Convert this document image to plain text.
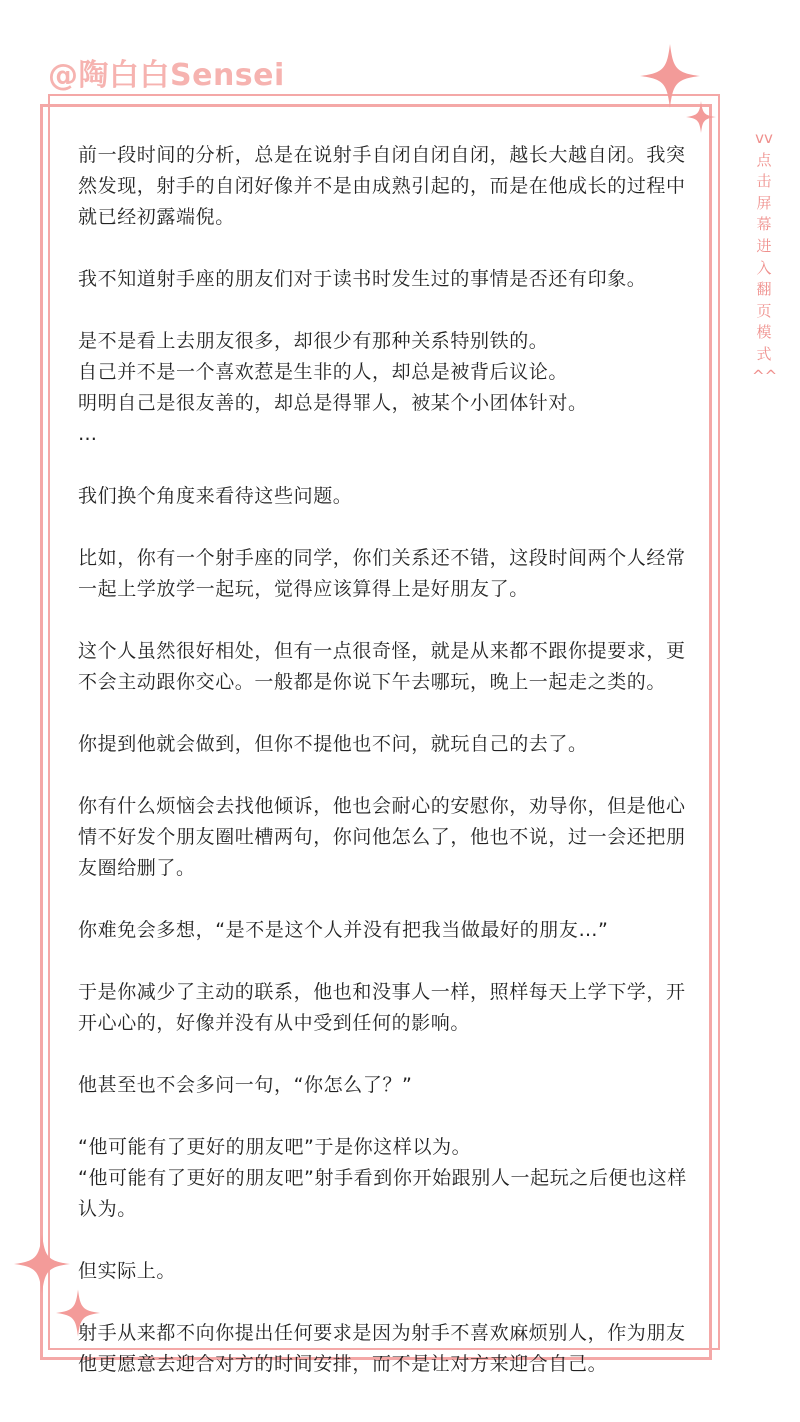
@陶白白Sensei
vv
点
击
屏
幕
进
入
翻
页
模
式
^^

前一段时间的分析，总是在说射手自闭自闭自闭，越长大越自闭。我突然发现，射手的自闭好像并不是由成熟引起的，而是在他成长的过程中就已经初露端倪。

我不知道射手座的朋友们对于读书时发生过的事情是否还有印象。

是不是看上去朋友很多，却很少有那种关系特别铁的。
自己并不是一个喜欢惹是生非的人，却总是被背后议论。
明明自己是很友善的，却总是得罪人，被某个小团体针对。
…

我们换个角度来看待这些问题。

比如，你有一个射手座的同学，你们关系还不错，这段时间两个人经常一起上学放学一起玩，觉得应该算得上是好朋友了。

这个人虽然很好相处，但有一点很奇怪，就是从来都不跟你提要求，更不会主动跟你交心。一般都是你说下午去哪玩，晚上一起走之类的。

你提到他就会做到，但你不提他也不问，就玩自己的去了。

你有什么烦恼会去找他倾诉，他也会耐心的安慰你，劝导你，但是他心情不好发个朋友圈吐槽两句，你问他怎么了，他也不说，过一会还把朋友圈给删了。

你难免会多想，“是不是这个人并没有把我当做最好的朋友…”

于是你减少了主动的联系，他也和没事人一样，照样每天上学下学，开开心心的，好像并没有从中受到任何的影响。

他甚至也不会多问一句，“你怎么了？”

“他可能有了更好的朋友吧”于是你这样以为。
“他可能有了更好的朋友吧”射手看到你开始跟别人一起玩之后便也这样认为。

但实际上。

射手从来都不向你提出任何要求是因为射手不喜欢麻烦别人，作为朋友他更愿意去迎合对方的时间安排，而不是让对方来迎合自己。
